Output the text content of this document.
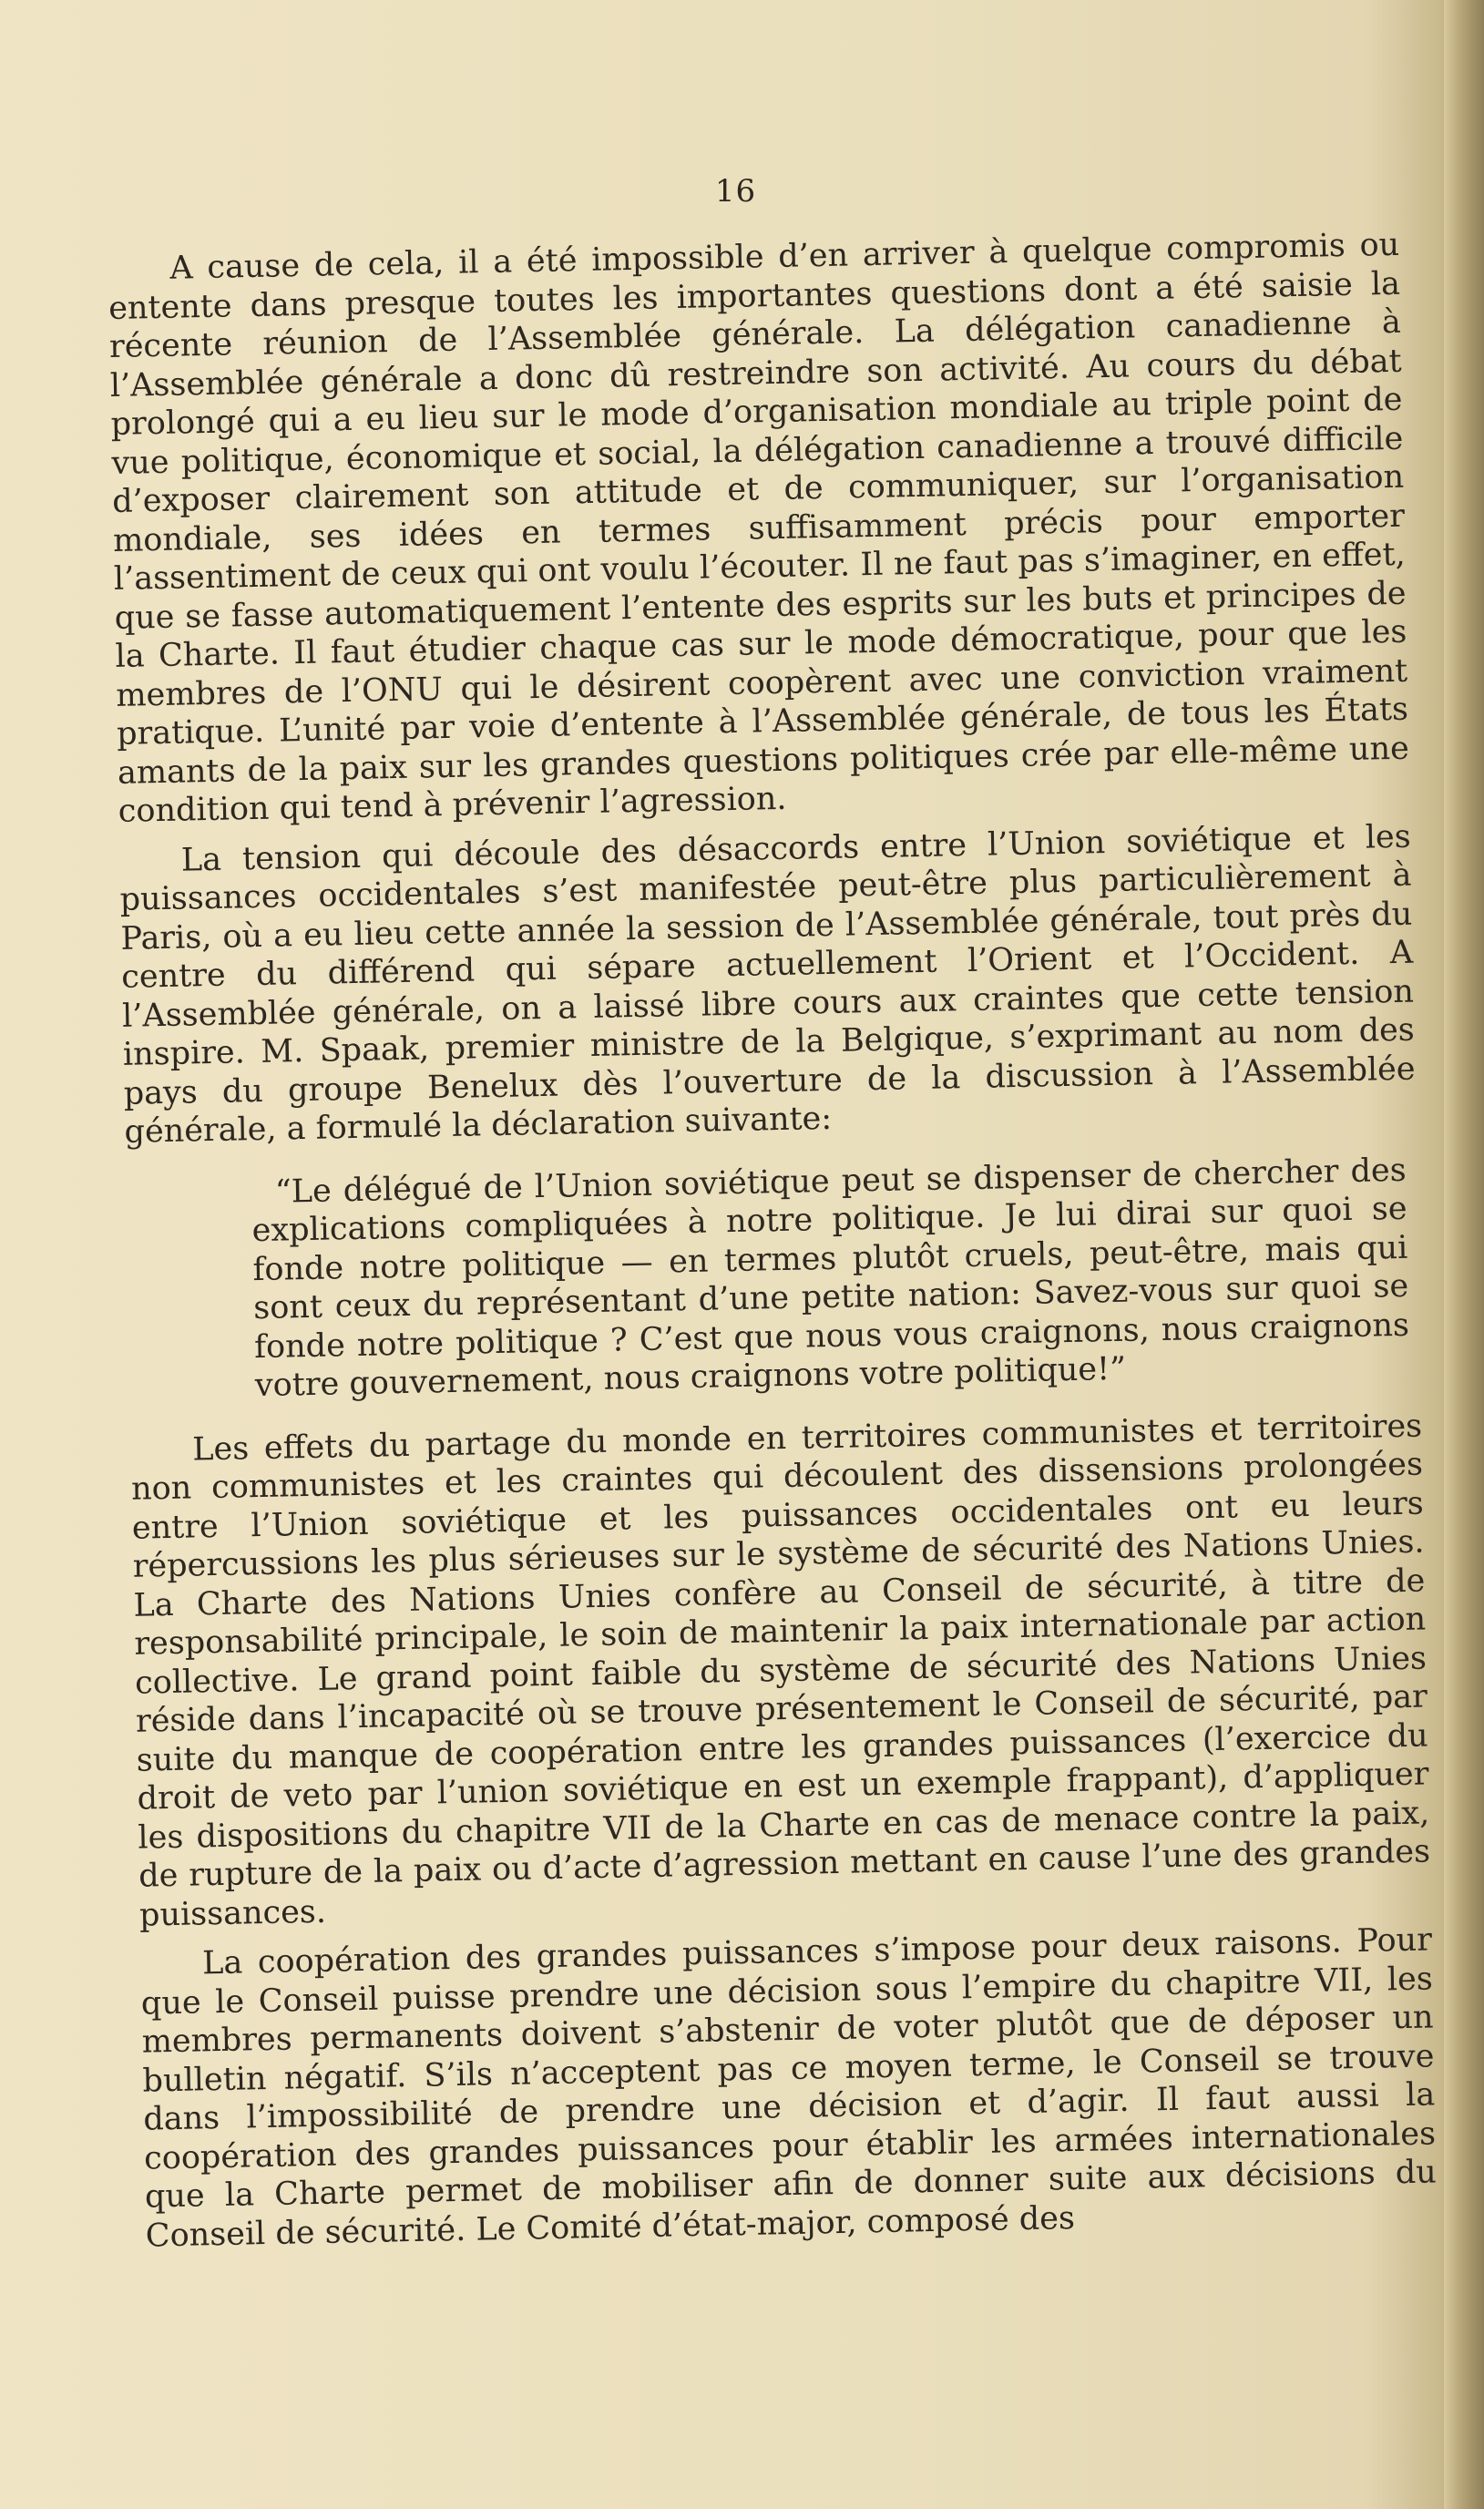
16

A cause de cela, il a été impossible d’en arriver à quelque compromis ou entente dans presque toutes les importantes questions dont a été saisie la récente réunion de l’Assemblée générale. La délégation canadienne à l’Assemblée générale a donc dû restreindre son activité. Au cours du débat prolongé qui a eu lieu sur le mode d’organisation mondiale au triple point de vue politique, économique et social, la délégation canadienne a trouvé difficile d’exposer clairement son attitude et de communiquer, sur l’organisation mondiale, ses idées en termes suffisamment précis pour emporter l’assentiment de ceux qui ont voulu l’écouter. Il ne faut pas s’imaginer, en effet, que se fasse automatiquement l’entente des esprits sur les buts et principes de la Charte. Il faut étudier chaque cas sur le mode démocratique, pour que les membres de l’ONU qui le désirent coopèrent avec une conviction vraiment pratique. L’unité par voie d’entente à l’Assemblée générale, de tous les États amants de la paix sur les grandes questions politiques crée par elle-même une condition qui tend à prévenir l’agression.

La tension qui découle des désaccords entre l’Union soviétique et les puissances occidentales s’est manifestée peut-être plus particulièrement à Paris, où a eu lieu cette année la session de l’Assemblée générale, tout près du centre du différend qui sépare actuellement l’Orient et l’Occident. A l’Assemblée générale, on a laissé libre cours aux craintes que cette tension inspire. M. Spaak, premier ministre de la Belgique, s’exprimant au nom des pays du groupe Benelux dès l’ouverture de la discussion à l’Assemblée générale, a formulé la déclaration suivante:

“Le délégué de l’Union soviétique peut se dispenser de chercher des explications compliquées à notre politique. Je lui dirai sur quoi se fonde notre politique — en termes plutôt cruels, peut-être, mais qui sont ceux du représentant d’une petite nation: Savez-vous sur quoi se fonde notre politique ? C’est que nous vous craignons, nous craignons votre gouvernement, nous craignons votre politique!”

Les effets du partage du monde en territoires communistes et territoires non communistes et les craintes qui découlent des dissensions prolongées entre l’Union soviétique et les puissances occidentales ont eu leurs répercussions les plus sérieuses sur le système de sécurité des Nations Unies. La Charte des Nations Unies confère au Conseil de sécurité, à titre de responsabilité principale, le soin de maintenir la paix internationale par action collective. Le grand point faible du système de sécurité des Nations Unies réside dans l’incapacité où se trouve présentement le Conseil de sécurité, par suite du manque de coopération entre les grandes puissances (l’exercice du droit de veto par l’union soviétique en est un exemple frappant), d’appliquer les dispositions du chapitre VII de la Charte en cas de menace contre la paix, de rupture de la paix ou d’acte d’agression mettant en cause l’une des grandes puissances.

La coopération des grandes puissances s’impose pour deux raisons. Pour que le Conseil puisse prendre une décision sous l’empire du chapitre VII, les membres permanents doivent s’abstenir de voter plutôt que de déposer un bulletin négatif. S’ils n’acceptent pas ce moyen terme, le Conseil se trouve dans l’impossibilité de prendre une décision et d’agir. Il faut aussi la coopération des grandes puissances pour établir les armées internationales que la Charte permet de mobiliser afin de donner suite aux décisions du Conseil de sécurité. Le Comité d’état-major, composé des
